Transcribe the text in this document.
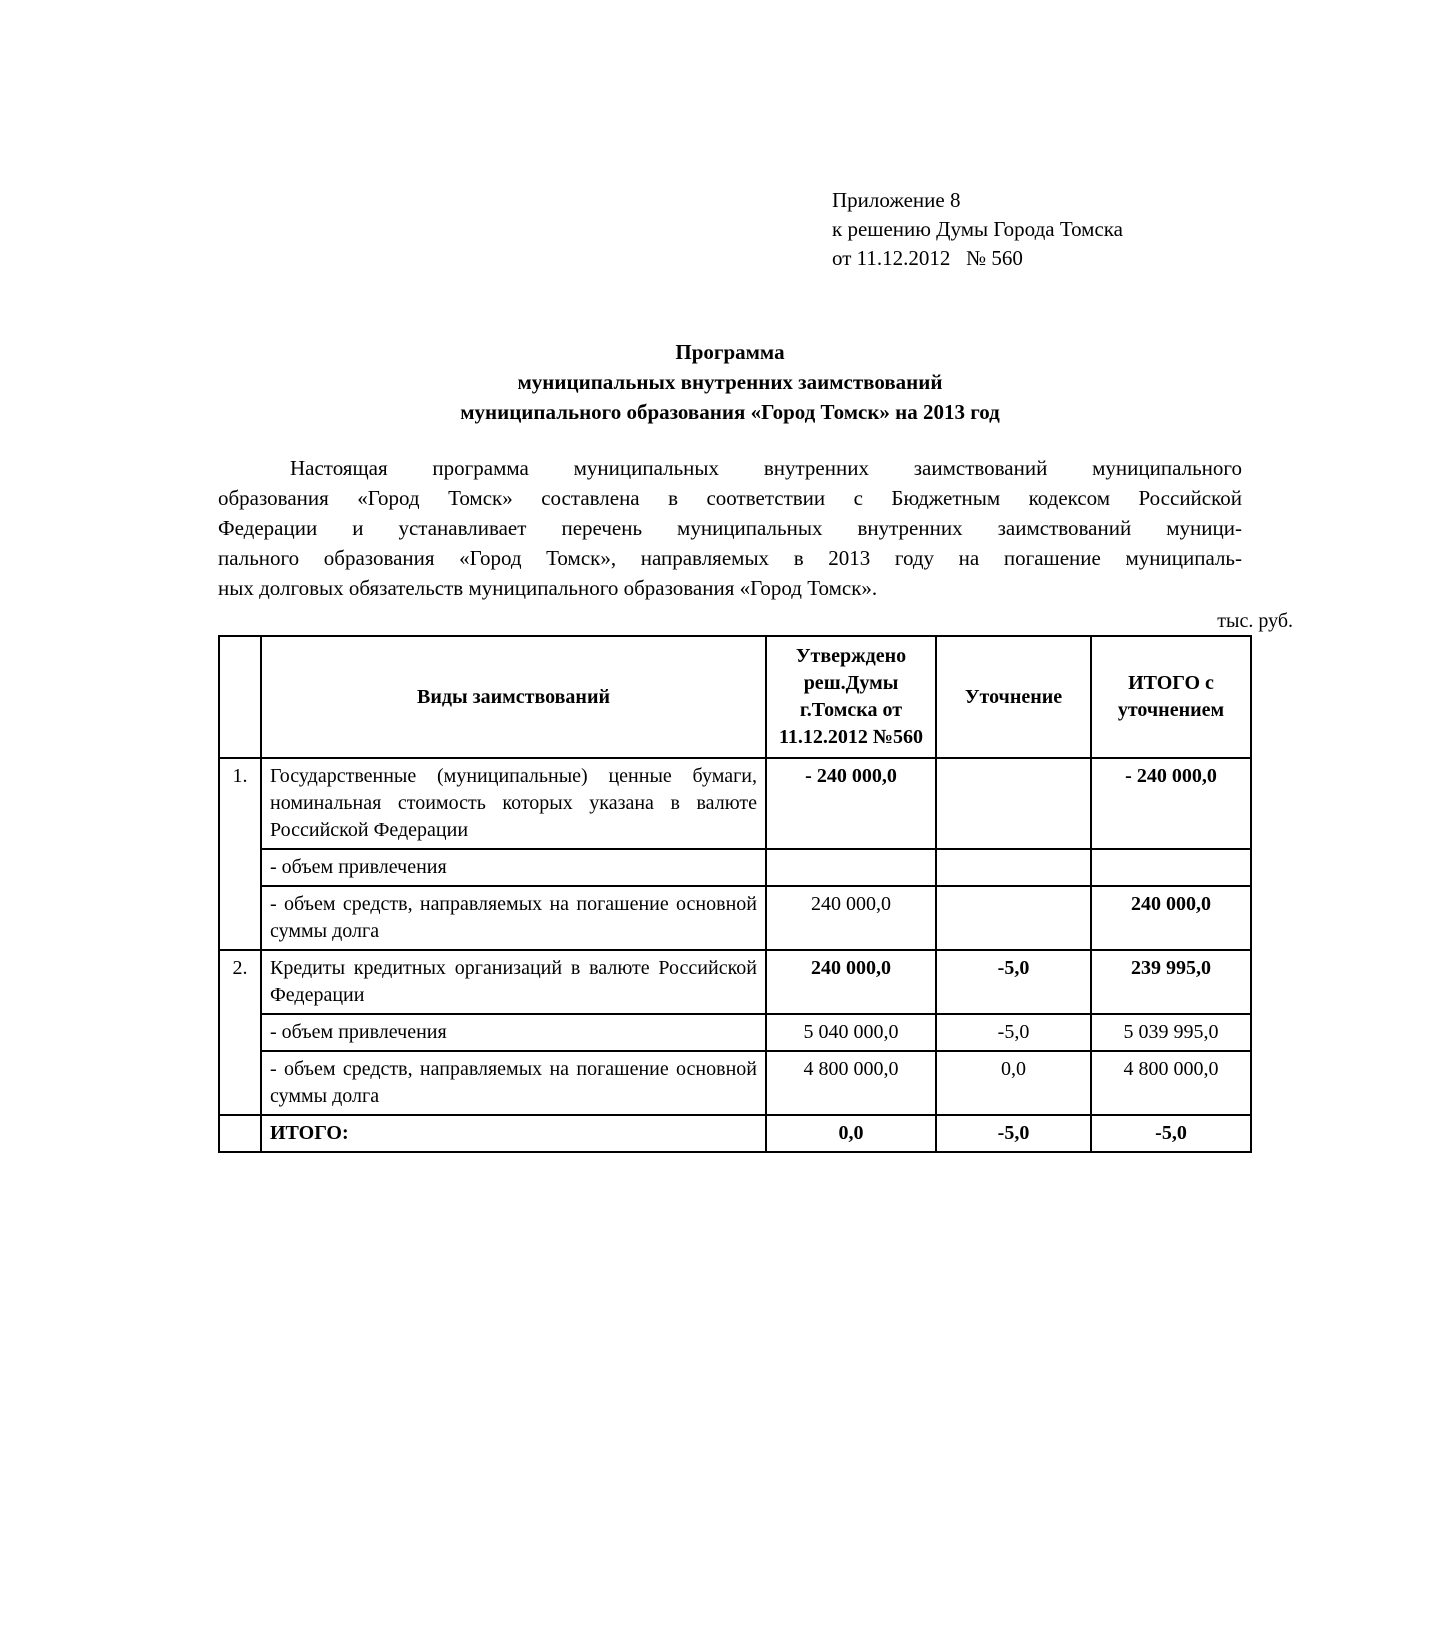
Приложение 8
к решению Думы Города Томска
от 11.12.2012   № 560
Программа
муниципальных внутренних заимствований
муниципального образования «Город Томск» на 2013 год
Настоящая программа муниципальных внутренних заимствований муниципального
образования «Город Томск» составлена в соответствии с Бюджетным кодексом Российской
Федерации и устанавливает перечень муниципальных внутренних заимствований муници-
пального образования «Город Томск», направляемых в 2013 году на погашение муниципаль-
ных долговых обязательств муниципального образования «Город Томск».
тыс. руб.
	Виды заимствований	Утверждено реш.Думы г.Томска от 11.12.2012 №560	Уточнение	ИТОГО с уточнением
1.	Государственные (муниципальные) ценные бумаги, номинальная стоимость которых указана в валюте Российской Федерации	- 240 000,0		- 240 000,0
	- объем привлечения			
	- объем средств, направляемых на погашение основной суммы долга	240 000,0		240 000,0
2.	Кредиты кредитных организаций в валюте Российской Федерации	240 000,0	-5,0	239 995,0
	- объем привлечения	5 040 000,0	-5,0	5 039 995,0
	- объем средств, направляемых на погашение основной суммы долга	4 800 000,0	0,0	4 800 000,0
	ИТОГО:	0,0	-5,0	-5,0
